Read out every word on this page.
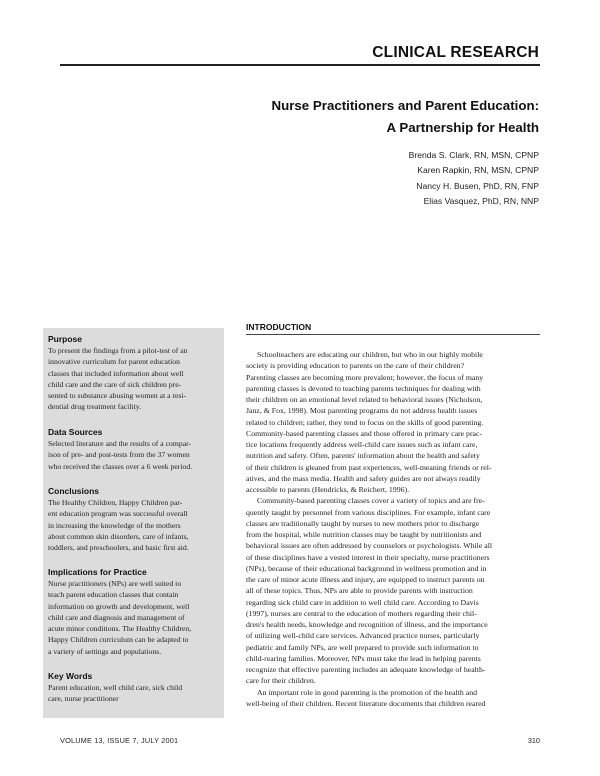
CLINICAL RESEARCH
Nurse Practitioners and Parent Education:
A Partnership for Health
Brenda S. Clark, RN, MSN, CPNP
Karen Rapkin, RN, MSN, CPNP
Nancy H. Busen, PhD, RN, FNP
Elias Vasquez, PhD, RN, NNP
Purpose
To present the findings from a pilot-test of an
innovative curriculum for parent education
classes that included information about well
child care and the care of sick children pre-
sented to substance abusing women at a resi-
dential drug treatment facility.
Data Sources
Selected literature and the results of a compar-
ison of pre- and post-tests from the 37 women
who received the classes over a 6 week period.
Conclusions
The Healthy Children, Happy Children par-
ent education program was successful overall
in increasing the knowledge of the mothers
about common skin disorders, care of infants,
toddlers, and preschoolers, and basic first aid.
Implications for Practice
Nurse practitioners (NPs) are well suited to
teach parent education classes that contain
information on growth and development, well
child care and diagnosis and management of
acute minor conditions. The Healthy Children,
Happy Children curriculum can be adapted to
a variety of settings and populations.
Key Words
Parent education, well child care, sick child
care, nurse practitioner
INTRODUCTION
Schoolteachers are educating our children, but who in our highly mobile
society is providing education to parents on the care of their children?
Parenting classes are becoming more prevalent; however, the focus of many
parenting classes is devoted to teaching parents techniques for dealing with
their children on an emotional level related to behavioral issues (Nicholson,
Janz, & Fox, 1998). Most parenting programs do not address health issues
related to children; rather, they tend to focus on the skills of good parenting.
Community-based parenting classes and those offered in primary care prac-
tice locations frequently address well-child care issues such as infant care,
nutrition and safety. Often, parents' information about the health and safety
of their children is gleaned from past experiences, well-meaning friends or rel-
atives, and the mass media. Health and safety guides are not always readily
accessible to parents (Hendricks, & Reichert, 1996).
Community-based parenting classes cover a variety of topics and are fre-
quently taught by personnel from various disciplines. For example, infant care
classes are traditionally taught by nurses to new mothers prior to discharge
from the hospital, while nutrition classes may be taught by nutritionists and
behavioral issues are often addressed by counselors or psychologists. While all
of these disciplines have a vested interest in their specialty, nurse practitioners
(NPs), because of their educational background in wellness promotion and in
the care of minor acute illness and injury, are equipped to instruct parents on
all of these topics. Thus, NPs are able to provide parents with instruction
regarding sick child care in addition to well child care. According to Davis
(1997), nurses are central to the education of mothers regarding their chil-
dren's health needs, knowledge and recognition of illness, and the importance
of utilizing well-child care services. Advanced practice nurses, particularly
pediatric and family NPs, are well prepared to provide such information to
child-rearing families. Moreover, NPs must take the lead in helping parents
recognize that effective parenting includes an adequate knowledge of health-
care for their children.
An important role in good parenting is the promotion of the health and
well-being of their children. Recent literature documents that children reared
VOLUME 13, ISSUE 7, JULY 2001	310
